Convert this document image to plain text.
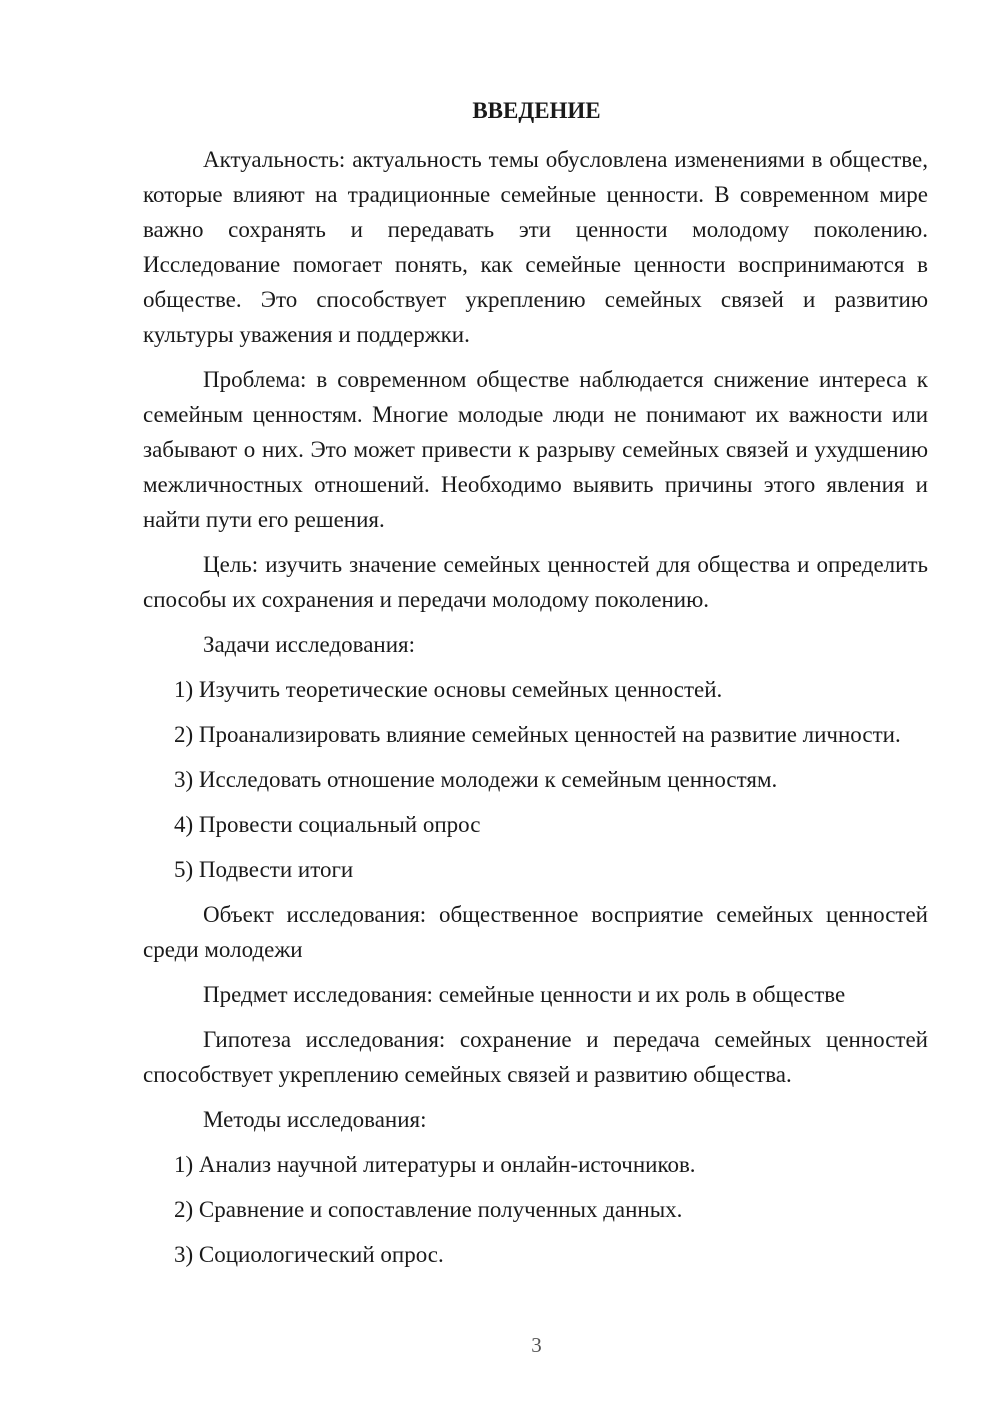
ВВЕДЕНИЕ

Актуальность: актуальность темы обусловлена изменениями в обществе, которые влияют на традиционные семейные ценности. В современном мире важно сохранять и передавать эти ценности молодому поколению. Исследование помогает понять, как семейные ценности воспринимаются в обществе. Это способствует укреплению семейных связей и развитию культуры уважения и поддержки.

Проблема: в современном обществе наблюдается снижение интереса к семейным ценностям. Многие молодые люди не понимают их важности или забывают о них. Это может привести к разрыву семейных связей и ухудшению межличностных отношений. Необходимо выявить причины этого явления и найти пути его решения.

Цель: изучить значение семейных ценностей для общества и определить способы их сохранения и передачи молодому поколению.

Задачи исследования:

1) Изучить теоретические основы семейных ценностей.

2) Проанализировать влияние семейных ценностей на развитие личности.

3) Исследовать отношение молодежи к семейным ценностям.

4) Провести социальный опрос

5) Подвести итоги

Объект исследования: общественное восприятие семейных ценностей среди молодежи

Предмет исследования: семейные ценности и их роль в обществе

Гипотеза исследования: сохранение и передача семейных ценностей способствует укреплению семейных связей и развитию общества.

Методы исследования:

1) Анализ научной литературы и онлайн-источников.

2) Сравнение и сопоставление полученных данных.

3) Социологический опрос.

3
